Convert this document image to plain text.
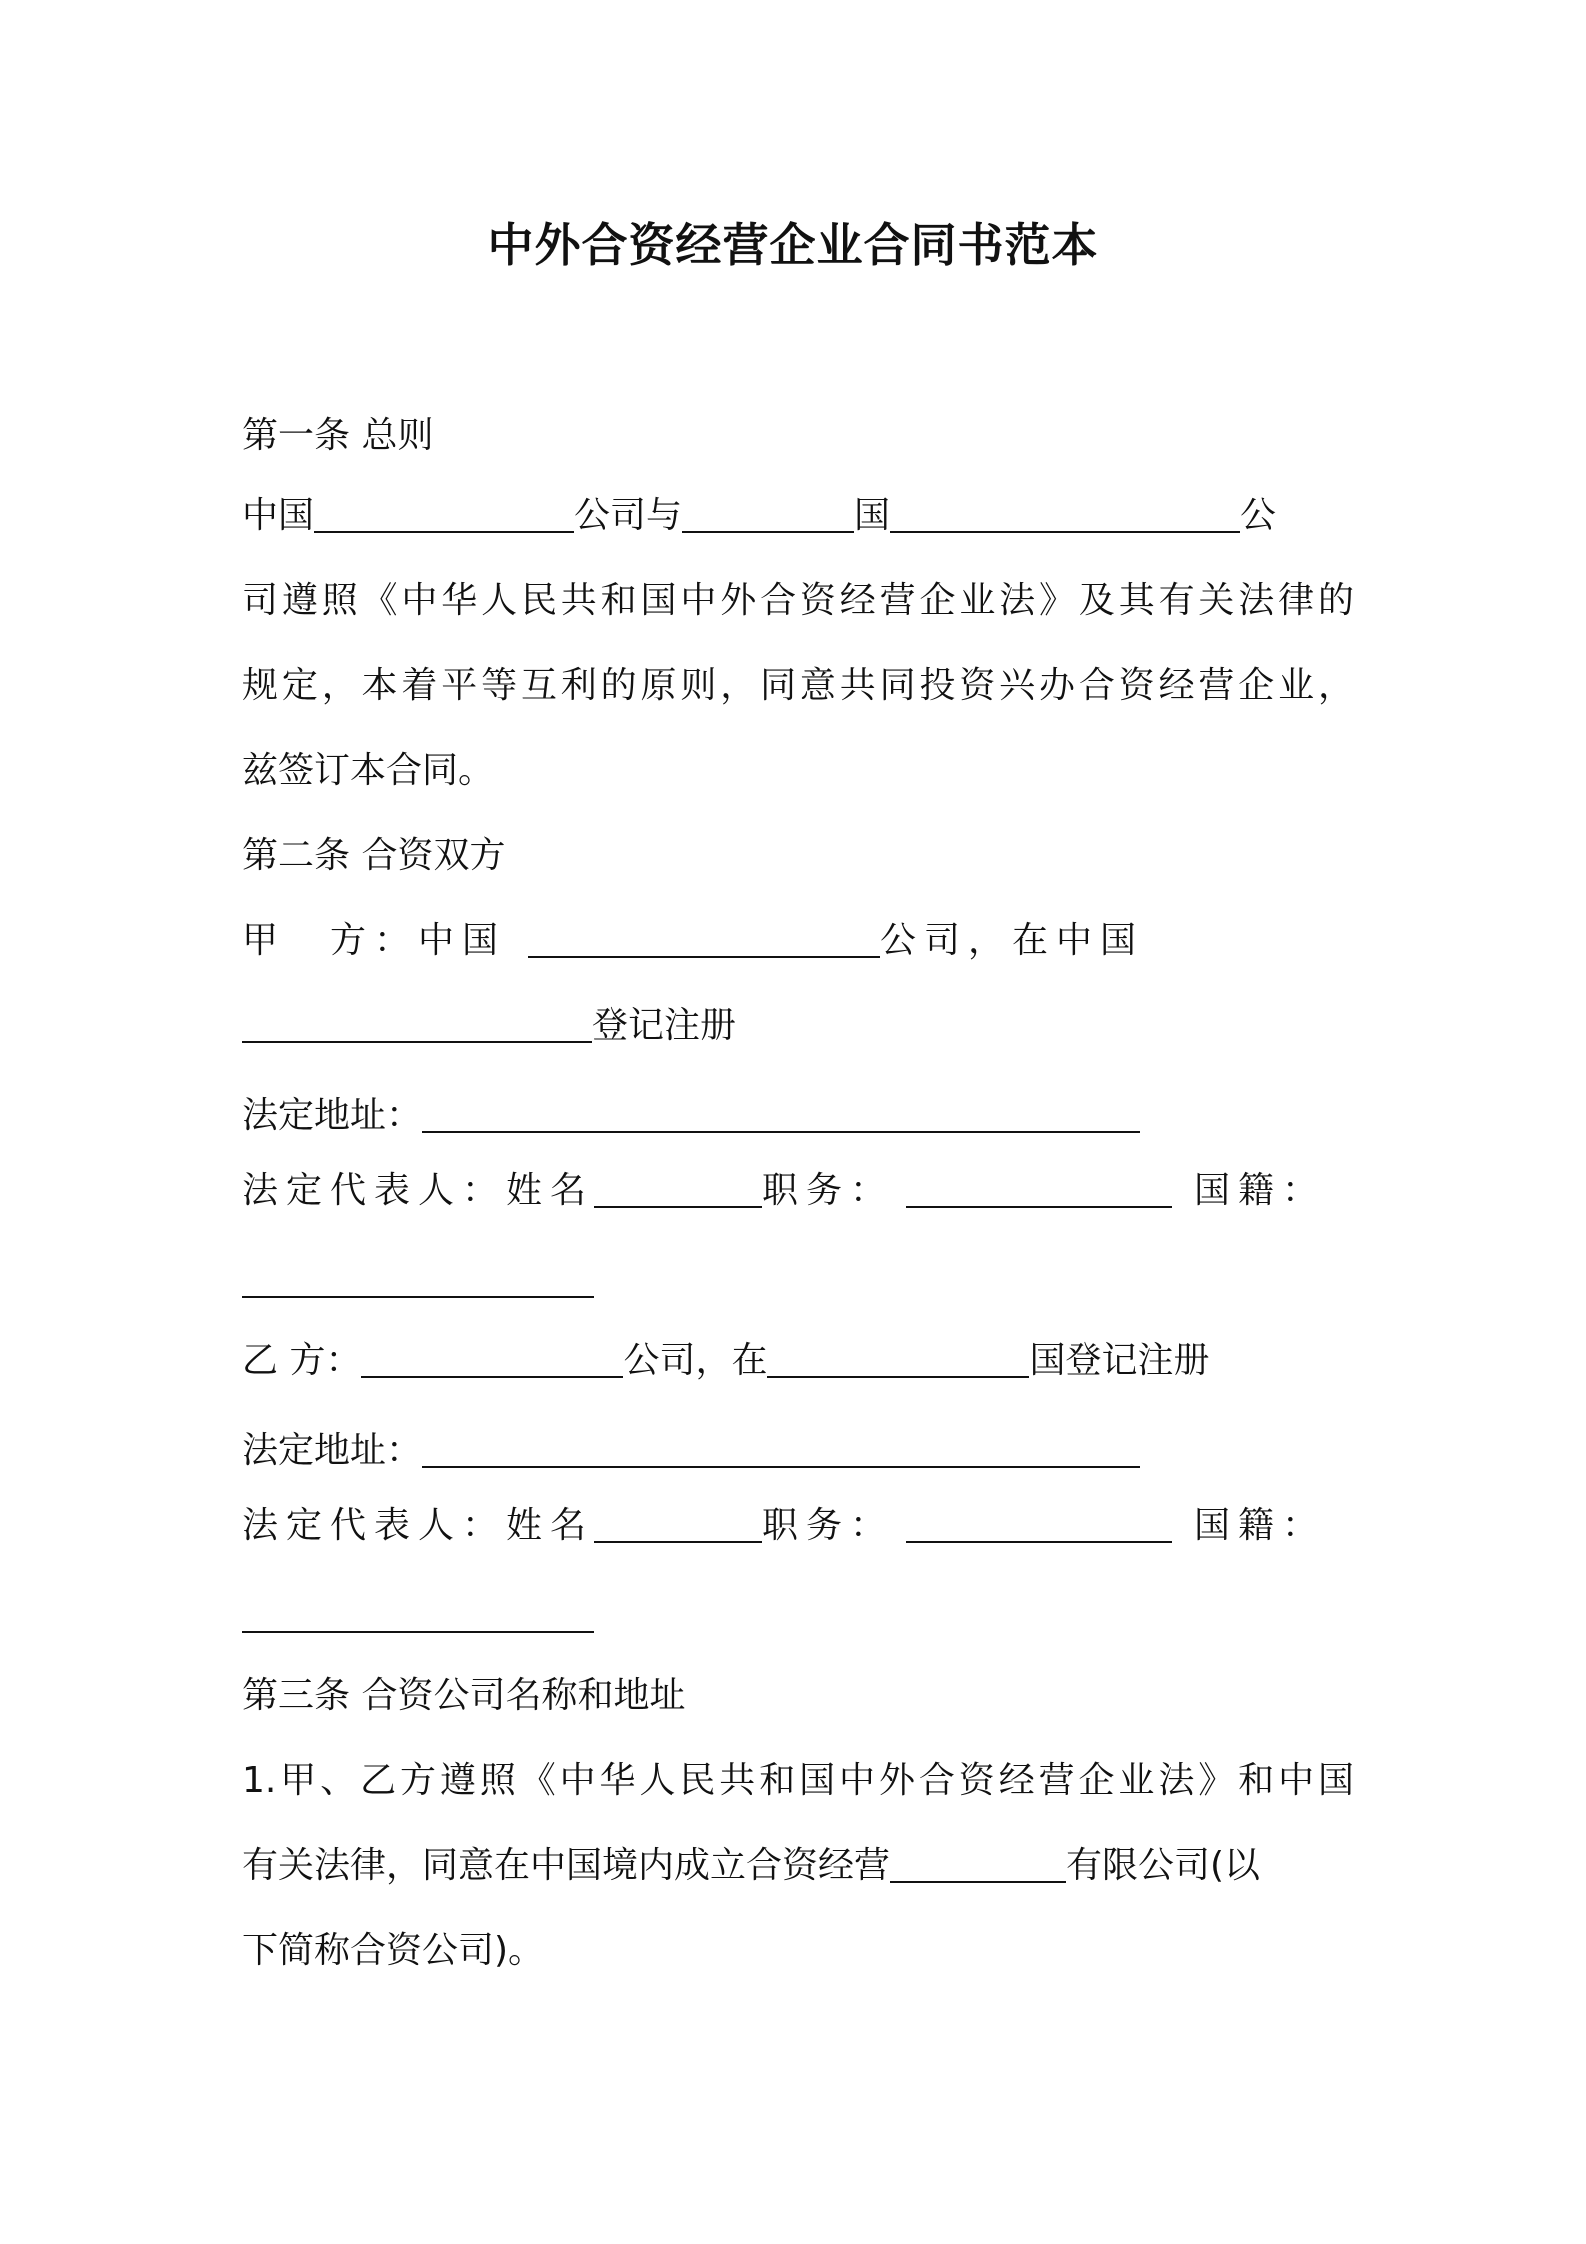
中外合资经营企业合同书范本
第一条 总则
中国	公司与	国	公
司遵照《中华人民共和国中外合资经营企业法》及其有关法律的
规定，本着平等互利的原则，同意共同投资兴办合资经营企业，
兹签订本合同。
第二条 合资双方
甲　方：中国	公司，在中国
登记注册
法定地址：
法定代表人：姓名	职务：	国籍：
乙 方：	公司，在	国登记注册
法定地址：
法定代表人：姓名	职务：	国籍：
第三条 合资公司名称和地址
1.甲、乙方遵照《中华人民共和国中外合资经营企业法》和中国
有关法律，同意在中国境内成立合资经营	有限公司(以
下简称合资公司)。
